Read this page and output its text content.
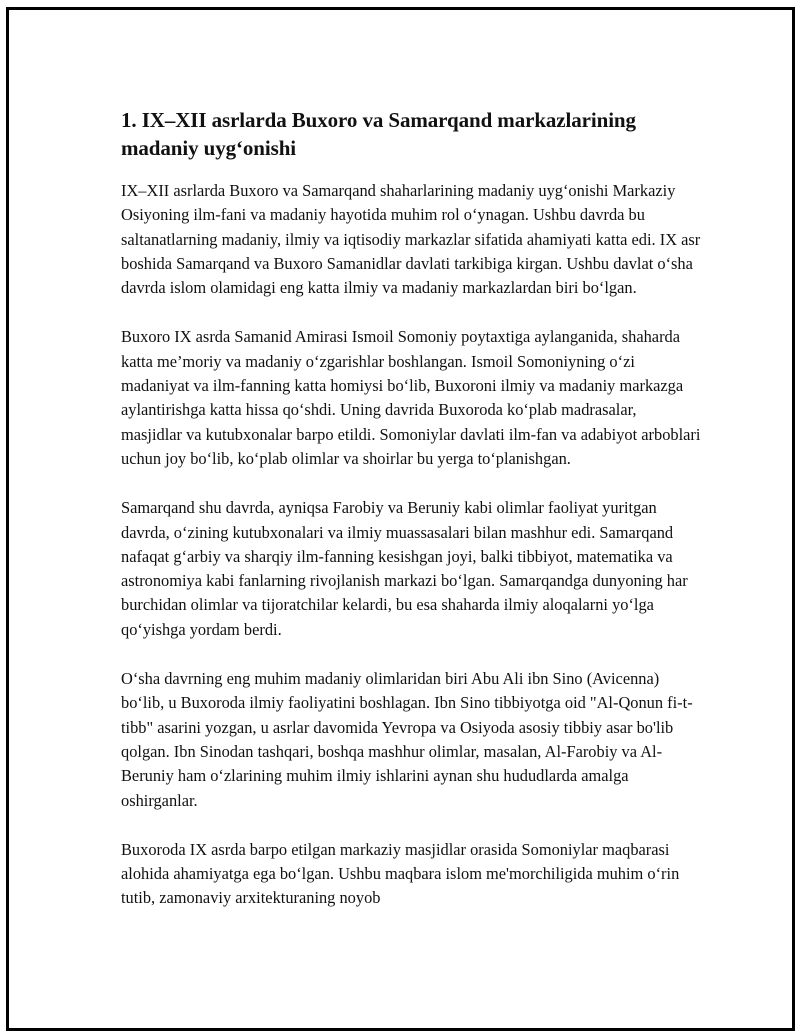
1. IX–XII asrlarda Buxoro va Samarqand markazlarining madaniy uyg‘onishi

IX–XII asrlarda Buxoro va Samarqand shaharlarining madaniy uyg‘onishi Markaziy Osiyoning ilm-fani va madaniy hayotida muhim rol o‘ynagan. Ushbu davrda bu saltanatlarning madaniy, ilmiy va iqtisodiy markazlar sifatida ahamiyati katta edi. IX asr boshida Samarqand va Buxoro Samanidlar davlati tarkibiga kirgan. Ushbu davlat o‘sha davrda islom olamidagi eng katta ilmiy va madaniy markazlardan biri bo‘lgan.

Buxoro IX asrda Samanid Amirasi Ismoil Somoniy poytaxtiga aylanganida, shaharda katta me’moriy va madaniy o‘zgarishlar boshlangan. Ismoil Somoniyning o‘zi madaniyat va ilm-fanning katta homiysi bo‘lib, Buxoroni ilmiy va madaniy markazga aylantirishga katta hissa qo‘shdi. Uning davrida Buxoroda ko‘plab madrasalar, masjidlar va kutubxonalar barpo etildi. Somoniylar davlati ilm-fan va adabiyot arboblari uchun joy bo‘lib, ko‘plab olimlar va shoirlar bu yerga to‘planishgan.

Samarqand shu davrda, ayniqsa Farobiy va Beruniy kabi olimlar faoliyat yuritgan davrda, o‘zining kutubxonalari va ilmiy muassasalari bilan mashhur edi. Samarqand nafaqat g‘arbiy va sharqiy ilm-fanning kesishgan joyi, balki tibbiyot, matematika va astronomiya kabi fanlarning rivojlanish markazi bo‘lgan. Samarqandga dunyoning har burchidan olimlar va tijoratchilar kelardi, bu esa shaharda ilmiy aloqalarni yo‘lga qo‘yishga yordam berdi.

O‘sha davrning eng muhim madaniy olimlaridan biri Abu Ali ibn Sino (Avicenna) bo‘lib, u Buxoroda ilmiy faoliyatini boshlagan. Ibn Sino tibbiyotga oid "Al-Qonun fi-t-tibb" asarini yozgan, u asrlar davomida Yevropa va Osiyoda asosiy tibbiy asar bo'lib qolgan. Ibn Sinodan tashqari, boshqa mashhur olimlar, masalan, Al-Farobiy va Al-Beruniy ham o‘zlarining muhim ilmiy ishlarini aynan shu hududlarda amalga oshirganlar.

Buxoroda IX asrda barpo etilgan markaziy masjidlar orasida Somoniylar maqbarasi alohida ahamiyatga ega bo‘lgan. Ushbu maqbara islom me'morchiligida muhim o‘rin tutib, zamonaviy arxitekturaning noyob
